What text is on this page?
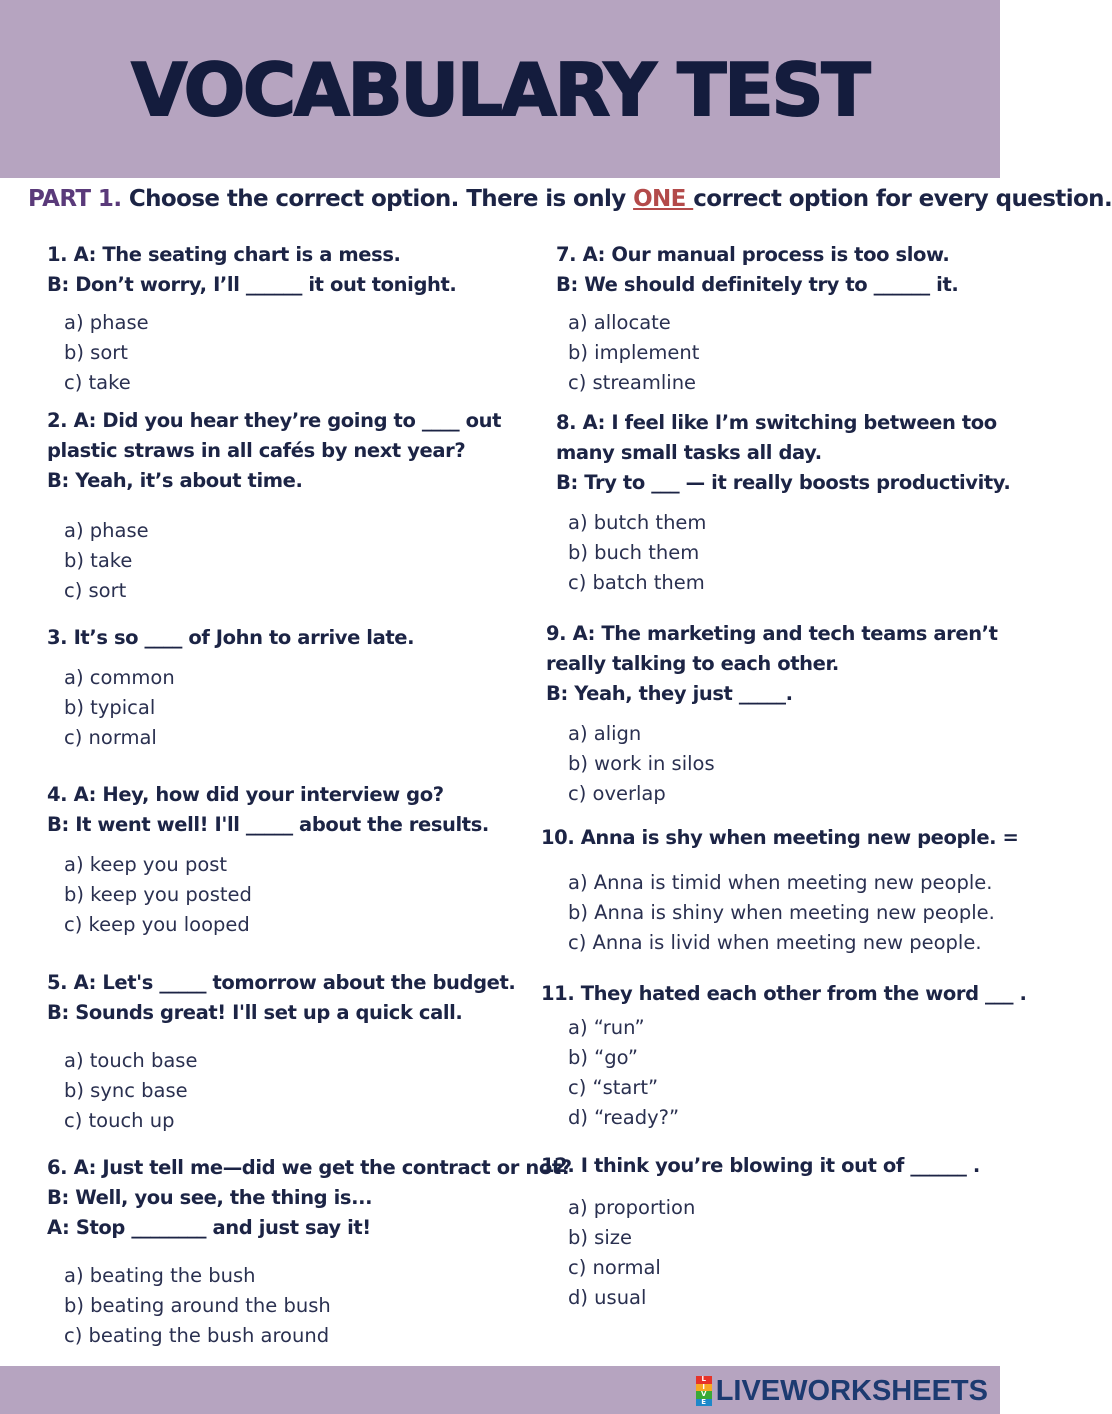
VOCABULARY TEST
PART 1. Choose the correct option. There is only ONE correct option for every question.
1. A: The seating chart is a mess.
B: Don’t worry, I’ll ______ it out tonight.
a) phase
b) sort
c) take
2. A: Did you hear they’re going to ____ out
plastic straws in all cafés by next year?
B: Yeah, it’s about time.
a) phase
b) take
c) sort
3. It’s so ____ of John to arrive late.
a) common
b) typical
c) normal
4. A: Hey, how did your interview go?
B: It went well! I'll _____ about the results.
a) keep you post
b) keep you posted
c) keep you looped
5. A: Let's _____ tomorrow about the budget.
B: Sounds great! I'll set up a quick call.
a) touch base
b) sync base
c) touch up
6. A: Just tell me—did we get the contract or not?
B: Well, you see, the thing is...
A: Stop ________ and just say it!
a) beating the bush
b) beating around the bush
c) beating the bush around
7. A: Our manual process is too slow.
B: We should definitely try to ______ it.
a) allocate
b) implement
c) streamline
8. A: I feel like I’m switching between too
many small tasks all day.
B: Try to ___ — it really boosts productivity.
a) butch them
b) buch them
c) batch them
9. A: The marketing and tech teams aren’t
really talking to each other.
B: Yeah, they just _____.
a) align
b) work in silos
c) overlap
10. Anna is shy when meeting new people. =
a) Anna is timid when meeting new people.
b) Anna is shiny when meeting new people.
c) Anna is livid when meeting new people.
11. They hated each other from the word ___ .
a) “run”
b) “go”
c) “start”
d) “ready?”
12. I think you’re blowing it out of ______ .
a) proportion
b) size
c) normal
d) usual
L
I
V
E LIVEWORKSHEETS
